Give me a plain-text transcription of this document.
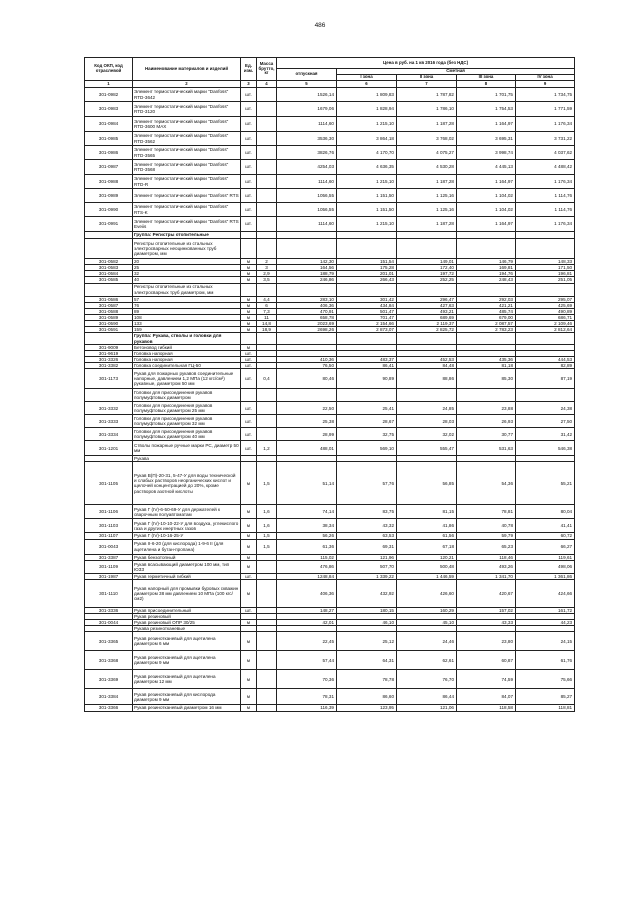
486
Код ОКП, код отраслевой	Наименование материалов и изделий	Ед. изм.	Масса брутто, кг	Цена в руб. на 1 кв 2016 года (без НДС)				
				отпускная	Сметная			
					I зона	II зона	III зона	IV зона
1	2	3	4	5	6	7	8	9
301-0982	Элемент термостатический марки "Danfoss" RTD-3642	шт.		1526,14	1 809,83	1 787,82	1 701,75	1 734,75
301-0983	Элемент термостатический марки "Danfoss" RTD-3120	шт.		1679,06	1 828,94	1 786,10	1 754,53	1 771,59
301-0984	Элемент термостатический марки "Danfoss" RTD-3600 МАХ	шт.		1114,60	1 215,10	1 187,28	1 164,97	1 176,34
301-0985	Элемент термостатический марки "Danfoss" RTD-3562	шт.		3536,30	3 864,18	3 768,02	3 695,31	3 731,22
301-0986	Элемент термостатический марки "Danfoss" RTD-3565	шт.		3826,76	4 170,70	4 075,27	3 998,74	4 037,62
301-0987	Элемент термостатический марки "Danfoss" RTD-3568	шт.		4254,03	4 636,35	4 530,28	4 445,13	4 488,42
301-0988	Элемент термостатический марки "Danfoss" RTD-R	шт.		1114,60	1 215,10	1 187,28	1 164,97	1 176,34
301-0989	Элемент термостатический марки "Danfoss" RTS	шт.		1056,55	1 151,50	1 125,16	1 104,02	1 114,76
301-0990	Элемент термостатический марки "Danfoss" RTS-K	шт.		1056,55	1 151,50	1 125,16	1 104,02	1 114,76
301-0991	Элемент термостатический марки "Danfoss" RTS Eveiis	шт.		1114,60	1 215,10	1 187,28	1 164,97	1 176,34
	Группа: Регистры отопительные							
	Регистры отопительные из стальных электросварных неоцинкованных труб диаметром, мм							
301-0582	20	м	2	142,30	151,54	149,01	146,79	148,33
301-0583	25	м	3	164,56	175,28	172,40	169,81	171,50
301-0584	32	м	2,9	188,79	201,01	197,72	194,76	196,81
301-0585	40	м	3,5	246,86	266,43	252,25	248,43	251,05
	Регистры отопительные из стальных электросварных труб диаметром, мм							
301-0586	57	м	4,4	283,10	301,42	296,47	292,03	295,07
301-0587	76	м	6	406,36	434,84	427,63	421,21	425,69
301-0588	89	м	7,3	470,91	501,47	493,21	485,74	490,89
301-0589	108	м	11	658,78	701,47	689,69	679,00	686,71
301-0590	133	м	14,8	2023,69	2 154,66	2 119,37	2 087,57	2 109,46
301-0591	159	м	18,9	2698,26	2 873,07	2 825,72	2 783,23	2 812,64
	Группа: Рукава, стволы и головки для рукавов							
301-9009	Бетоновод гибкий	м						
301-9619	Головка напорная	шт.						
301-3326	Головка напорная	шт.		410,36	483,37	452,53	435,36	444,53
301-3382	Головка соединительная ГЦ-50	шт.		76,50	86,41	84,48	81,18	82,89
301-1173	Рукав для пожарных рукавов соединительные напорные, давлением 1,2 МПа (12 кгс/см²) рукавные, диаметром 50 мм	шт.	0,4	80,46	90,89	88,86	85,30	87,19
	Головки для присоединения рукавов полумуфтовых диаметром							
301-3332	Головки для присоединения рукавов полумуфтовых диаметром 25 мм	шт.		22,50	25,41	24,85	23,88	24,38
301-3333	Головки для присоединения рукавов полумуфтовых диаметром 32 мм	шт.		25,38	28,67	28,03	26,93	27,50
301-3334	Головки для присоединения рукавов полумуфтовых диаметром 40 мм	шт.		28,99	32,75	32,02	30,77	31,42
301-1201	Стволы пожарные ручные марки РС, диаметр 50 мм	шт.	1,2	488,01	569,10	555,47	531,63	546,38
	Рукава							
301-1105	Рукав В(П)-20-31, 5-47-У для воды технической и слабых растворов неорганических кислот и щелочей концентрацией до 20%, кроме растворов азотной кислоты	м	1,5	51,14	57,76	56,85	54,36	55,21
301-1106	Рукав Г (IV)-6-50-69-У для держателей к сварочным полуавтоматам	м	1,6	74,14	83,75	81,15	78,81	80,04
301-1103	Рукав Г (IV)-10-10-22-У для воздуха, углекислого газа и других инертных газов	м	1,6	38,34	43,32	41,86	40,78	41,41
301-1107	Рукав Г (IV)-10-16-25-У	м	1,5	56,26	63,53	61,56	59,79	60,72
301-0043	Рукав II-6-20 (для кислорода) 1-9-6 II (для ацетилена и бутан-пропана)	м	1,5	61,36	69,31	67,18	65,23	66,27
301-3387	Рукав бензотопный	м		115,02	121,96	120,21	118,46	119,61
301-1109	Рукав всасывающий диаметром 100 мм, тип ЮЗЗ	м		476,86	507,70	500,48	493,26	498,06
301-1987	Рукав герметичный гибкий	шт.		1248,84	1 339,22	1 446,59	1 341,70	1 361,86
301-1110	Рукав напорный для промывки буровых скважин диаметром 38 мм давлением 10 МПа (100 кгс/см2)	м		406,36	432,92	426,60	420,67	424,66
301-3336	Рукав присоединительный	шт.		148,27	180,15	160,29	157,02	161,72
	Рукав резиновый							
301-0044	Рукав резиновый ОПР 30/25	м		42,01	46,10	45,10	43,33	44,23
	Рукава резинотканевые							
301-3365	Рукав резинотканевый для ацетилена диаметром 6 мм	м		22,45	25,12	24,46	23,80	24,15
301-3368	Рукав резинотканевый для ацетилена диаметром 9 мм	м		57,44	64,31	62,61	60,87	61,76
301-3369	Рукав резинотканевый для ацетилена диаметром 12 мм	м		70,36	78,78	76,70	74,59	75,66
301-3384	Рукав резинотканевый для кислорода диаметром 9 мм	м		78,31	86,60	86,44	84,07	85,27
301-3366	Рукав резинотканевый диаметром 16 мм	м		116,39	123,95	121,06	118,58	118,81
